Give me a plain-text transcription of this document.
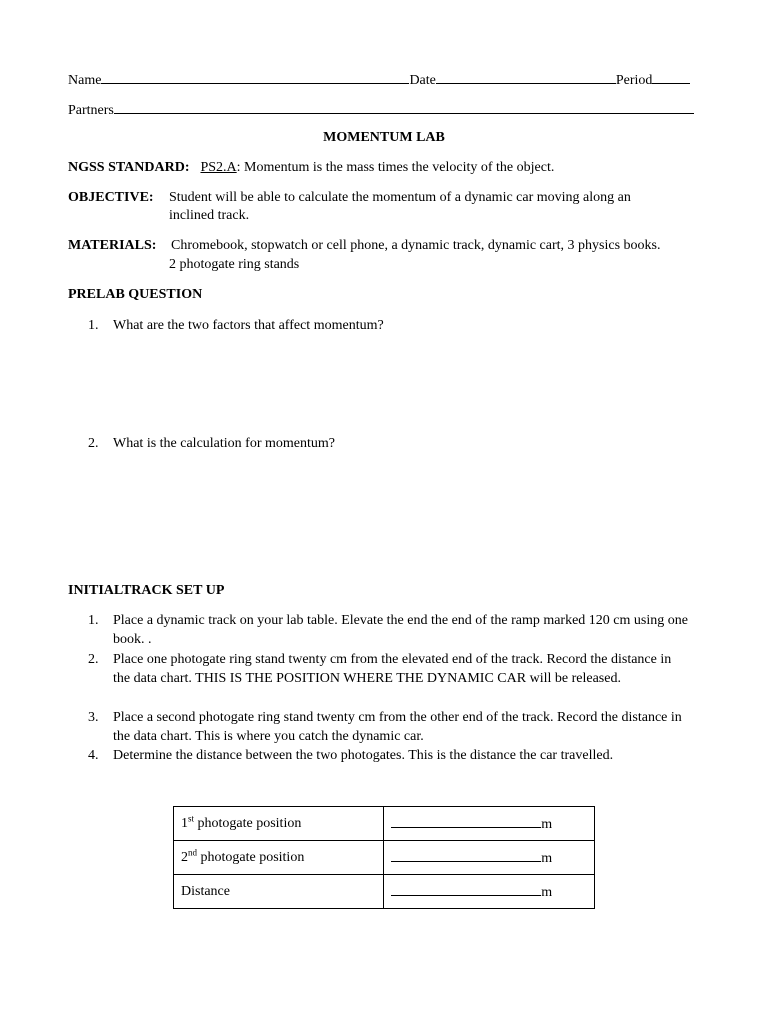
Name	Date	Period
Partners
MOMENTUM LAB
NGSS STANDARD: PS2.A: Momentum is the mass times the velocity of the object.
OBJECTIVE: Student will be able to calculate the momentum of a dynamic car moving along an
inclined track.
MATERIALS: Chromebook, stopwatch or cell phone, a dynamic track, dynamic cart, 3 physics books.
2 photogate ring stands
PRELAB QUESTION
1. What are the two factors that affect momentum?
2. What is the calculation for momentum?
INITIALTRACK SET UP
1. Place a dynamic track on your lab table. Elevate the end the end of the ramp marked 120 cm using one book. .
2. Place one photogate ring stand twenty cm from the elevated end of the track. Record the distance in the data chart. THIS IS THE POSITION WHERE THE DYNAMIC CAR will be released.
3. Place a second photogate ring stand twenty cm from the other end of the track. Record the distance in the data chart. This is where you catch the dynamic car.
4. Determine the distance between the two photogates. This is the distance the car travelled.
1st photogate position	m
2nd photogate position	m
Distance	m
